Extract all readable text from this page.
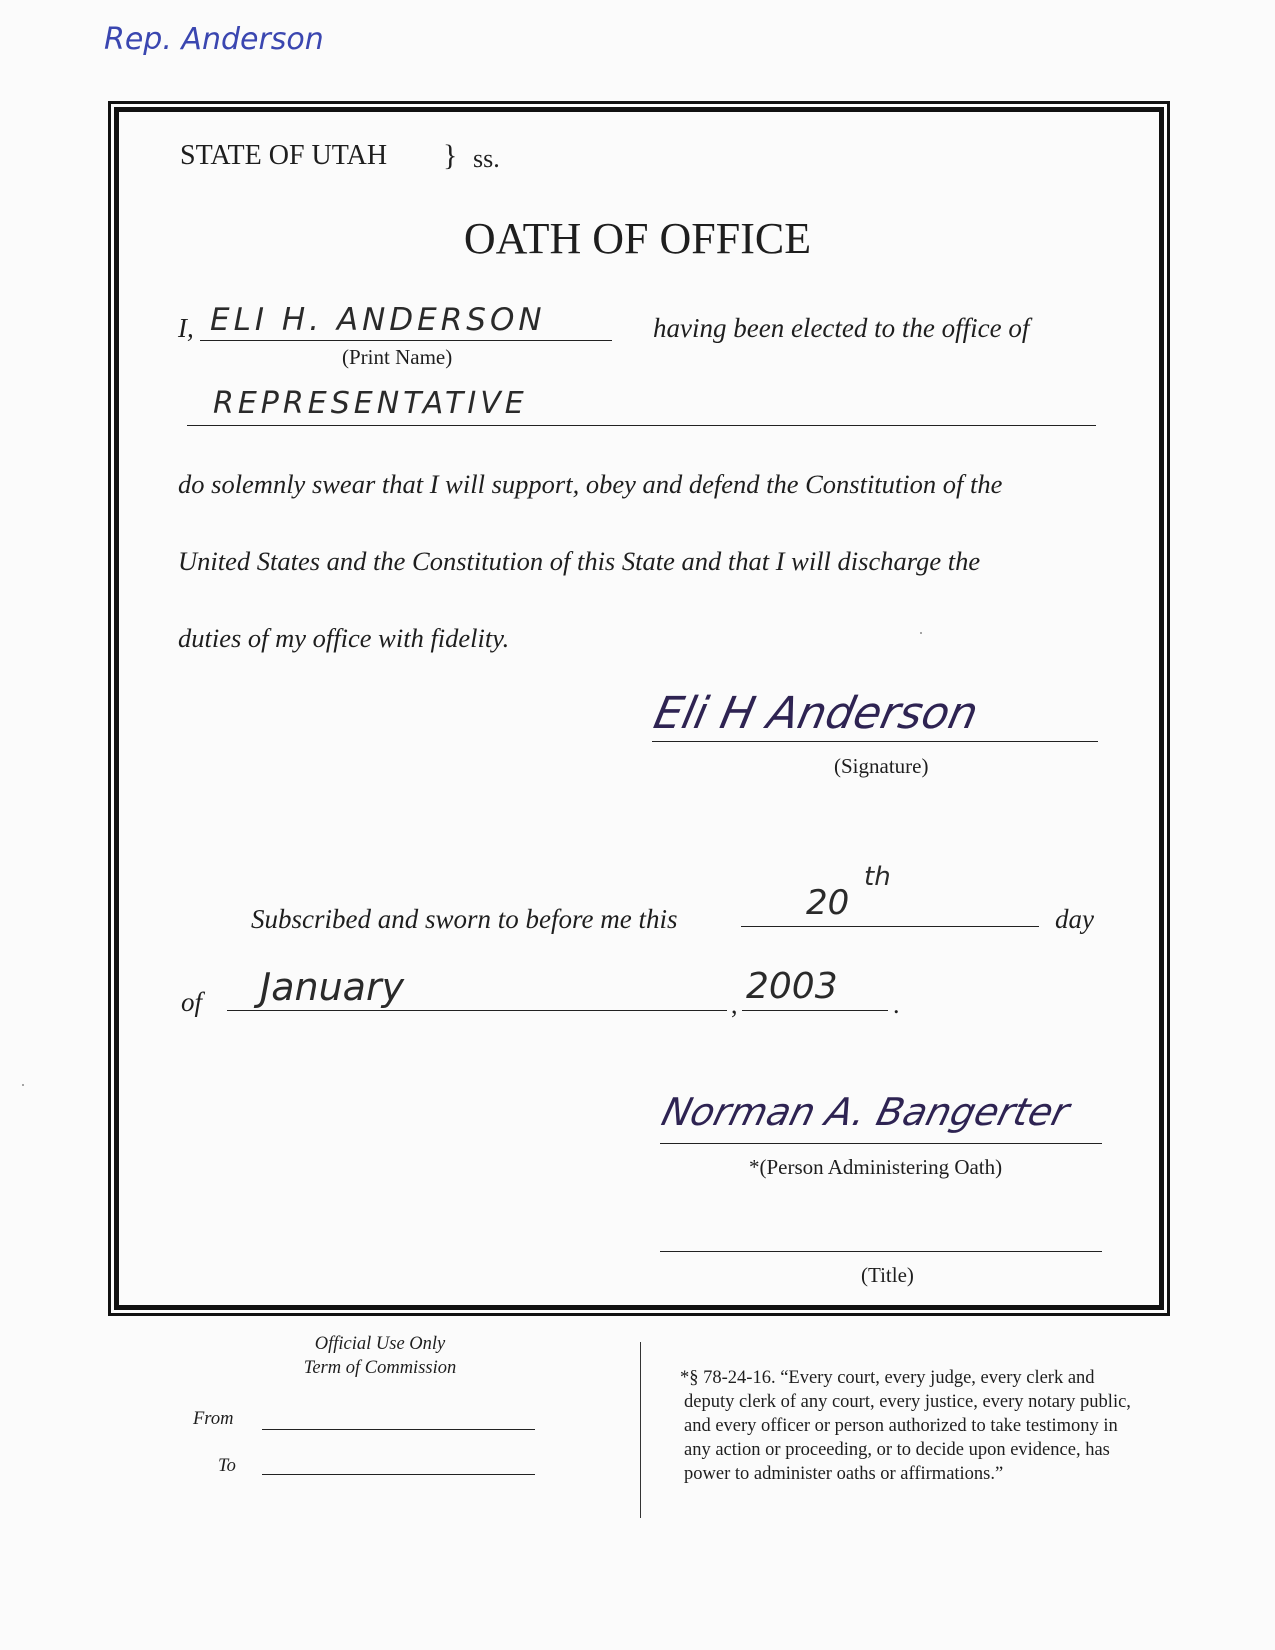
Rep. Anderson
STATE OF UTAH } ss.
OATH OF OFFICE
I, ELI H. ANDERSON
(Print Name)
having been elected to the office of
REPRESENTATIVE
do solemnly swear that I will support, obey and defend the Constitution of the
United States and the Constitution of this State and that I will discharge the
duties of my office with fidelity.
Eli H Anderson
(Signature)
Subscribed and sworn to before me this	20
th
day
of January	, 2003 .
Norman A. Bangerter
*(Person Administering Oath)
(Title)
Official Use Only
Term of Commission
From
To
*§ 78-24-16. “Every court, every judge, every clerk and
deputy clerk of any court, every justice, every notary public,
and every officer or person authorized to take testimony in
any action or proceeding, or to decide upon evidence, has
power to administer oaths or affirmations.”
